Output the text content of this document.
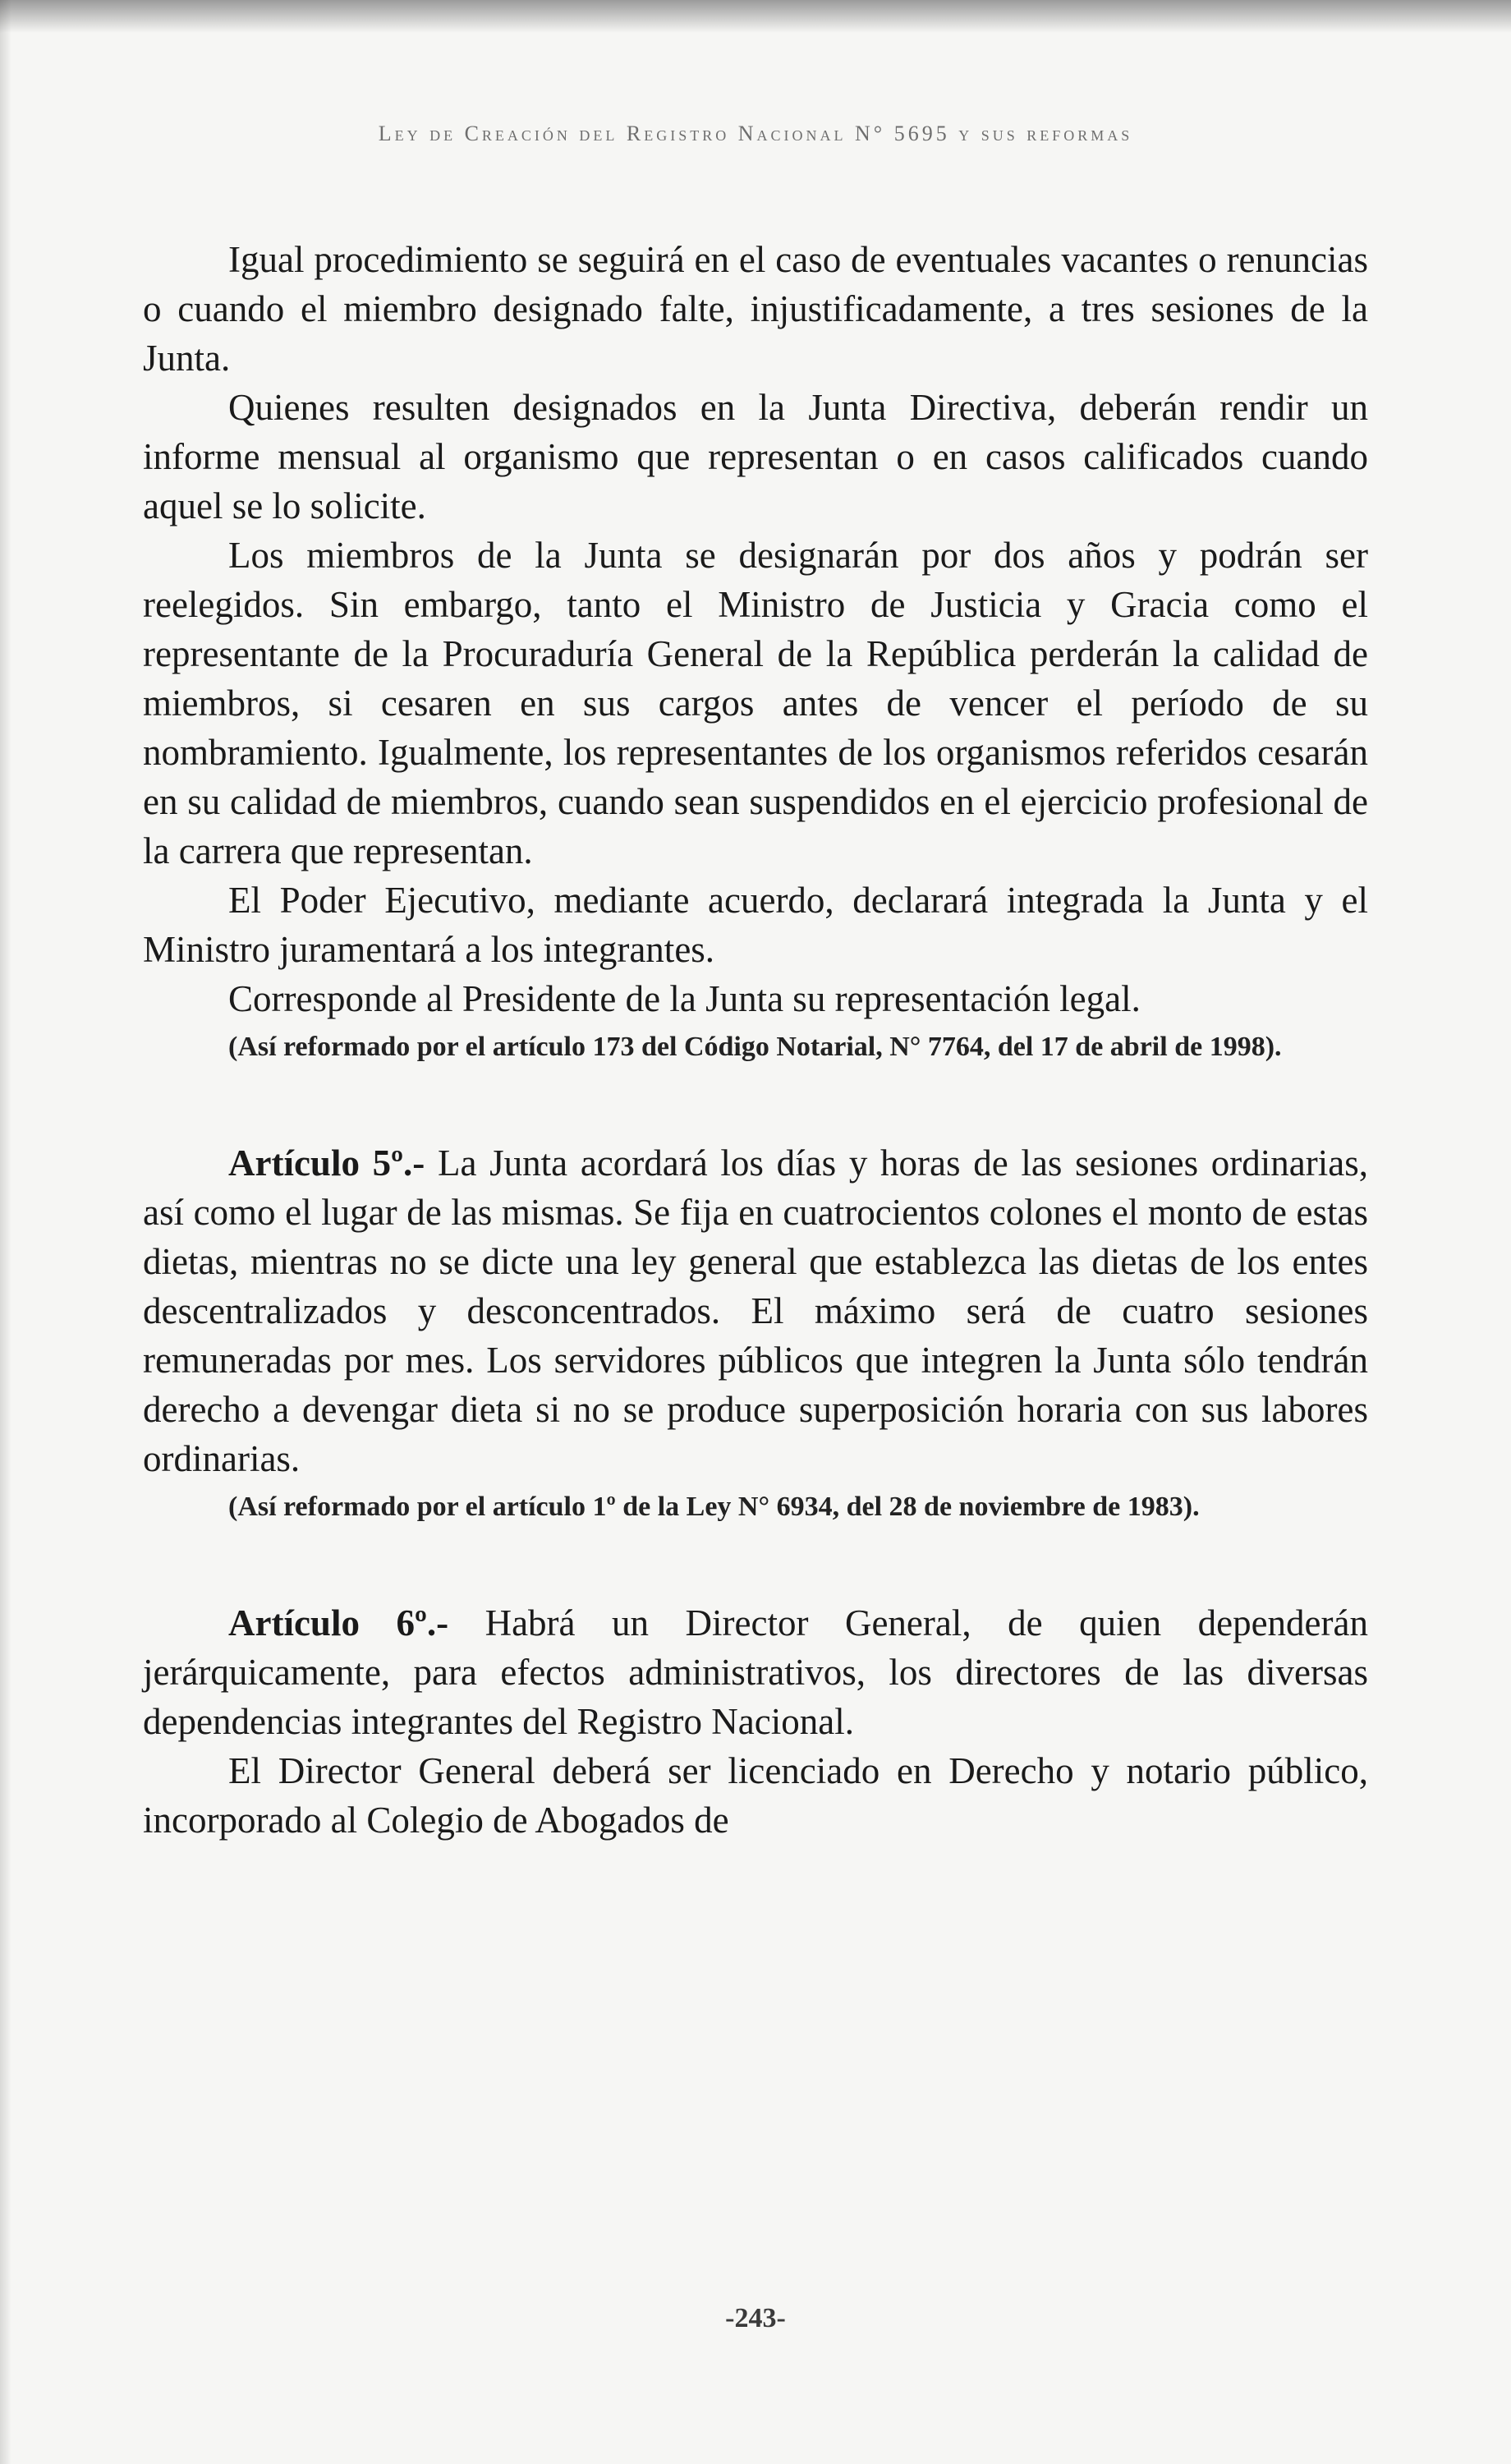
Ley de Creación del Registro Nacional N° 5695 y sus reformas

Igual procedimiento se seguirá en el caso de eventuales vacantes o renuncias o cuando el miembro designado falte, injustificadamente, a tres sesiones de la Junta.

Quienes resulten designados en la Junta Directiva, deberán rendir un informe mensual al organismo que representan o en casos calificados cuando aquel se lo solicite.

Los miembros de la Junta se designarán por dos años y podrán ser reelegidos. Sin embargo, tanto el Ministro de Justicia y Gracia como el representante de la Procuraduría General de la República perderán la calidad de miembros, si cesaren en sus cargos antes de vencer el período de su nombramiento. Igualmente, los representantes de los organismos referidos cesarán en su calidad de miembros, cuando sean suspendidos en el ejercicio profesional de la carrera que representan.

El Poder Ejecutivo, mediante acuerdo, declarará integrada la Junta y el Ministro juramentará a los integrantes.

Corresponde al Presidente de la Junta su representación legal.

(Así reformado por el artículo 173 del Código Notarial, N° 7764, del 17 de abril de 1998).

Artículo 5º.- La Junta acordará los días y horas de las sesiones ordinarias, así como el lugar de las mismas. Se fija en cuatrocientos colones el monto de estas dietas, mientras no se dicte una ley general que establezca las dietas de los entes descentralizados y desconcentrados. El máximo será de cuatro sesiones remuneradas por mes. Los servidores públicos que integren la Junta sólo tendrán derecho a devengar dieta si no se produce superposición horaria con sus labores ordinarias.

(Así reformado por el artículo 1º de la Ley N° 6934, del 28 de noviembre de 1983).

Artículo 6º.- Habrá un Director General, de quien dependerán jerárquicamente, para efectos administrativos, los directores de las diversas dependencias integrantes del Registro Nacional.

El Director General deberá ser licenciado en Derecho y notario público, incorporado al Colegio de Abogados de

-243-
